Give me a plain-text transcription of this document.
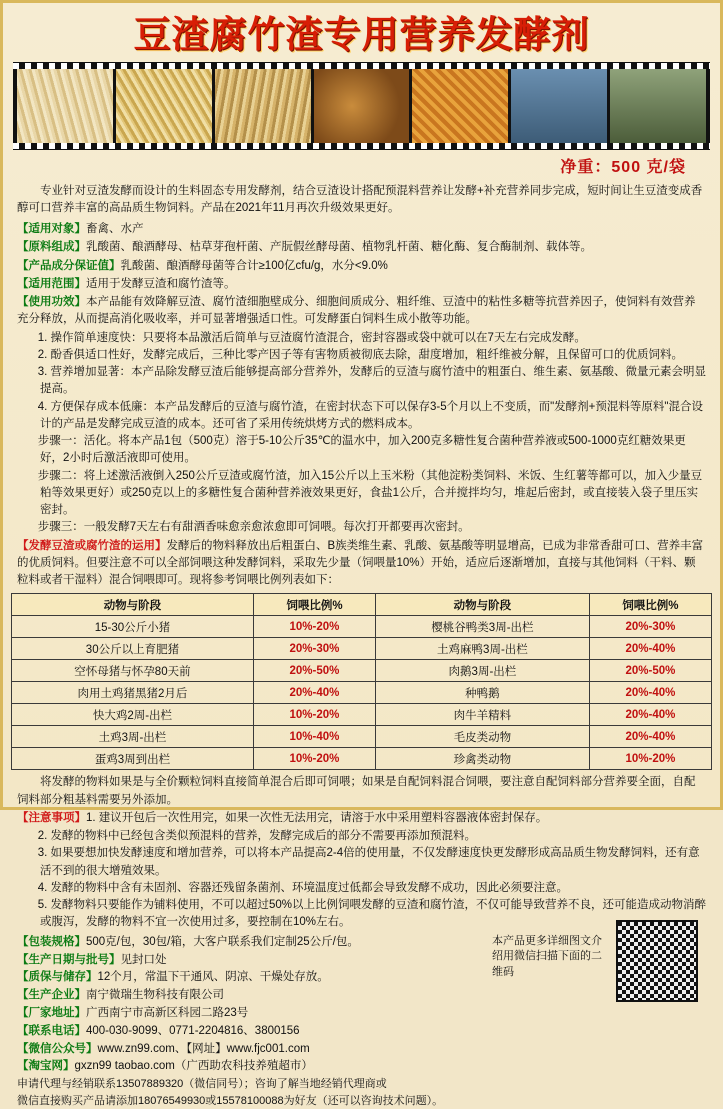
豆渣腐竹渣专用营养发酵剂
净重：500 克/袋
专业针对豆渣发酵而设计的生料固态专用发酵剂，结合豆渣设计搭配预混料营养让发酵+补充营养同步完成，短时间让生豆渣变成香醇可口营养丰富的高品质生物饲料。产品在2021年11月再次升级效果更好。
【适用对象】畜禽、水产
【原料组成】乳酸菌、酿酒酵母、枯草芽孢杆菌、产朊假丝酵母菌、植物乳杆菌、糖化酶、复合酶制剂、载体等。
【产品成分保证值】乳酸菌、酿酒酵母菌等合计≥100亿cfu/g，水分<9.0%
【适用范围】适用于发酵豆渣和腐竹渣等。
【使用功效】本产品能有效降解豆渣、腐竹渣细胞壁成分、细胞间质成分、粗纤维、豆渣中的粘性多糖等抗营养因子，使饲料有效营养充分释放，从而提高消化吸收率，并可显著增强适口性。可发酵蛋白饲料生成小散等功能。
1. 操作简单速度快：只要将本品激活后简单与豆渣腐竹渣混合，密封容器或袋中就可以在7天左右完成发酵。
2. 酚香俱适口性好，发酵完成后，三种比零产因子等有害物质被彻底去除，甜度增加，粗纤维被分解，且保留可口的优质饲料。
3. 营养增加显著：本产品除发酵豆渣后能够提高部分营养外，发酵后的豆渣与腐竹渣中的粗蛋白、维生素、氨基酸、微量元素会明显提高。
4. 方便保存成本低廉：本产品发酵后的豆渣与腐竹渣，在密封状态下可以保存3-5个月以上不变质，而"发酵剂+预混料等原料"混合设计的产品是发酵完成豆渣的成本。还可省了采用传统烘烤方式的燃料成本。
步骤一：活化。将本产品1包（500克）溶于5-10公斤35℃的温水中，加入200克多糖性复合菌种营养液或500-1000克红糖效果更好，2小时后激活液即可使用。
步骤二：将上述激活液倒入250公斤豆渣或腐竹渣，加入15公斤以上玉米粉（其他淀粉类饲料、米饭、生红薯等都可以，加入少量豆粕等效果更好）或250克以上的多糖性复合菌种营养液效果更好，食盐1公斤，合并搅拌均匀，堆起后密封，或直接装入袋子里压实密封。
步骤三：一般发酵7天左右有甜酒香味愈亲愈浓愈即可饲喂。每次打开都要再次密封。
【发酵豆渣或腐竹渣的运用】发酵后的物料释放出后粗蛋白、B族类维生素、乳酸、氨基酸等明显增高，已成为非常香甜可口、营养丰富的优质饲料。但要注意不可以全部饲喂这种发酵饲料，采取先少量（饲喂量10%）开始，适应后逐渐增加，直接与其他饲料（干料、颗粒料或者干湿料）混合饲喂即可。现将参考饲喂比例列表如下：
动物与阶段	饲喂比例%	动物与阶段	饲喂比例%
15-30公斤小猪	10%-20%	樱桃谷鸭类3周-出栏	20%-30%
30公斤以上育肥猪	20%-30%	土鸡麻鸭3周-出栏	20%-40%
空怀母猪与怀孕80天前	20%-50%	肉鹅3周-出栏	20%-50%
肉用土鸡猪黑猪2月后	20%-40%	种鸭鹅	20%-40%
快大鸡2周-出栏	10%-20%	肉牛羊精料	20%-40%
土鸡3周-出栏	10%-40%	毛皮类动物	20%-40%
蛋鸡3周到出栏	10%-20%	珍禽类动物	10%-20%
将发酵的物料如果是与全价颗粒饲料直接简单混合后即可饲喂；如果是自配饲料混合饲喂，要注意自配饲料部分营养要全面，自配饲料部分粗基料需要另外添加。
【注意事项】1. 建议开包后一次性用完，如果一次性无法用完，请溶于水中采用塑料容器液体密封保存。
2. 发酵的物料中已经包含类似预混料的营养，发酵完成后的部分不需要再添加预混料。
3. 如果要想加快发酵速度和增加营养，可以将本产品提高2-4倍的使用量，不仅发酵速度快更发酵形成高品质生物发酵饲料，还有意活不到的很大增殖效果。
4. 发酵的物料中含有未固剂、容器还残留条菌剂、环境温度过低都会导致发酵不成功，因此必须要注意。
5. 发酵物料只要能作为铺料使用，不可以超过50%以上比例饲喂发酵的豆渣和腐竹渣，不仅可能导致营养不良，还可能造成动物消醉或腹泻，发酵的物料不宜一次使用过多，要控制在10%左右。
【包装规格】500克/包，30包/箱，大客户联系我们定制25公斤/包。
【生产日期与批号】见封口处
【质保与储存】12个月，常温下干通风、阴凉、干燥处存放。
【生产企业】南宁微瑞生物科技有限公司
【厂家地址】广西南宁市高新区科园二路23号
【联系电话】400-030-9099、0771-2204816、3800156
【微信公众号】www.zn99.com、【网址】www.fjc001.com
【淘宝网】gxzn99 taobao.com（广西助农科技养殖超市）
本产品更多详细图文介绍用微信扫描下面的二维码
申请代理与经销联系13507889320（微信同号）；咨询了解当地经销代理商或
微信直接购买产品请添加18076549930或15578100088为好友（还可以咨询技术问题）。
